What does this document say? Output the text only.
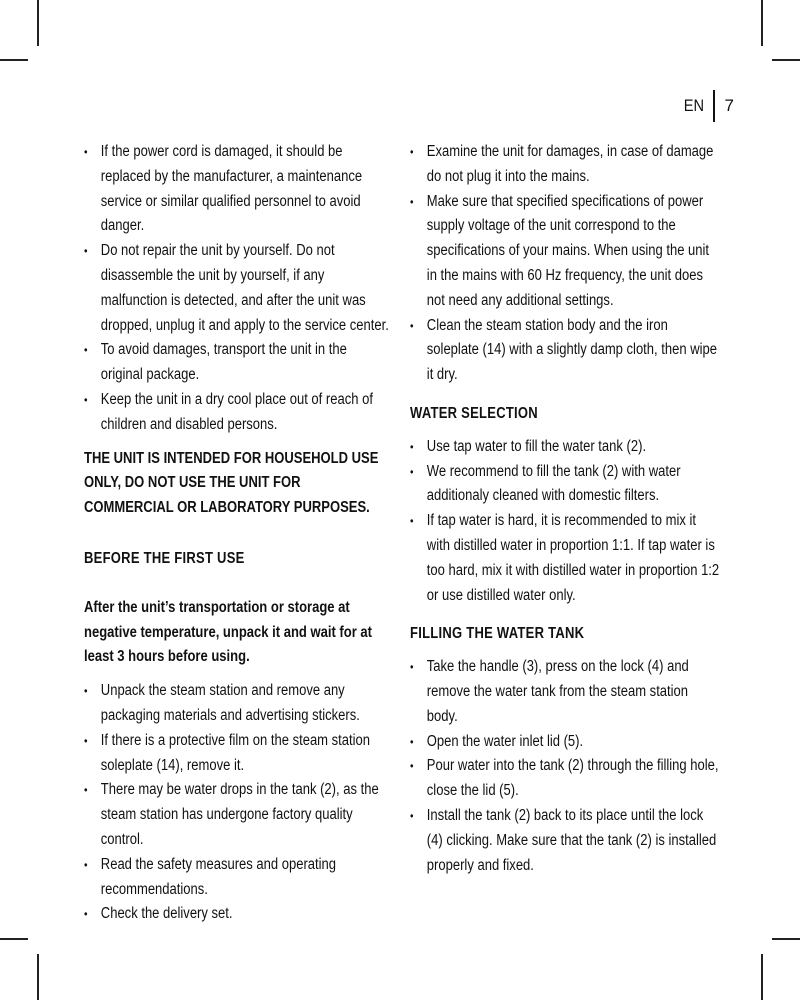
EN	7
• If the power cord is damaged, it should be replaced by the manufacturer, a maintenance service or similar qualified personnel to avoid danger.
• Do not repair the unit by yourself. Do not disassemble the unit by yourself, if any malfunction is detected, and after the unit was dropped, unplug it and apply to the service center.
• To avoid damages, transport the unit in the original package.
• Keep the unit in a dry cool place out of reach of children and disabled persons.
THE UNIT IS INTENDED FOR HOUSEHOLD USE ONLY, DO NOT USE THE UNIT FOR COMMERCIAL OR LABORATORY PURPOSES.
BEFORE THE FIRST USE
After the unit’s transportation or storage at negative temperature, unpack it and wait for at least 3 hours before using.
• Unpack the steam station and remove any packaging materials and advertising stickers.
• If there is a protective film on the steam station soleplate (14), remove it.
• There may be water drops in the tank (2), as the steam station has undergone factory quality control.
• Read the safety measures and operating recommendations.
• Check the delivery set.
• Examine the unit for damages, in case of damage do not plug it into the mains.
• Make sure that specified specifications of power supply voltage of the unit correspond to the specifications of your mains. When using the unit in the mains with 60 Hz frequency, the unit does not need any additional settings.
• Clean the steam station body and the iron soleplate (14) with a slightly damp cloth, then wipe it dry.
WATER SELECTION
• Use tap water to fill the water tank (2).
• We recommend to fill the tank (2) with water additionaly cleaned with domestic filters.
• If tap water is hard, it is recommended to mix it with distilled water in proportion 1:1. If tap water is too hard, mix it with distilled water in proportion 1:2 or use distilled water only.
FILLING THE WATER TANK
• Take the handle (3), press on the lock (4) and remove the water tank from the steam station body.
• Open the water inlet lid (5).
• Pour water into the tank (2) through the filling hole, close the lid (5).
• Install the tank (2) back to its place until the lock (4) clicking. Make sure that the tank (2) is installed properly and fixed.
